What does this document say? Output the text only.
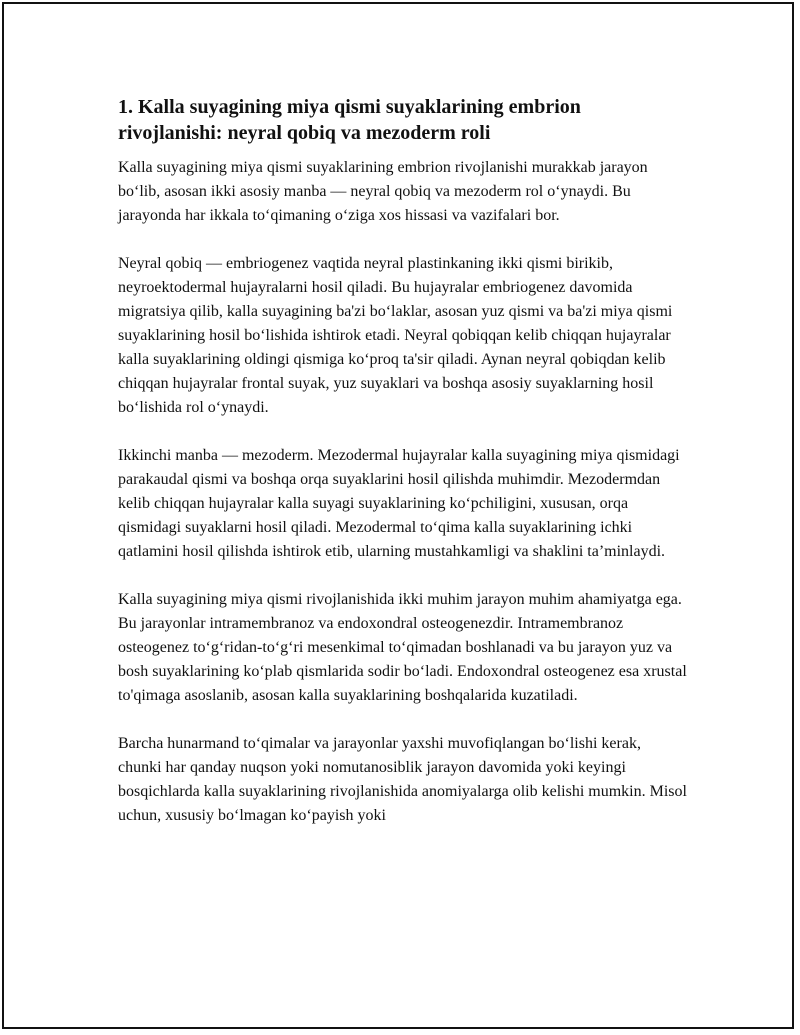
1. Kalla suyagining miya qismi suyaklarining embrion rivojlanishi: neyral qobiq va mezoderm roli

Kalla suyagining miya qismi suyaklarining embrion rivojlanishi murakkab jarayon bo‘lib, asosan ikki asosiy manba — neyral qobiq va mezoderm rol o‘ynaydi. Bu jarayonda har ikkala to‘qimaning o‘ziga xos hissasi va vazifalari bor.

Neyral qobiq — embriogenez vaqtida neyral plastinkaning ikki qismi birikib, neyroektodermal hujayralarni hosil qiladi. Bu hujayralar embriogenez davomida migratsiya qilib, kalla suyagining ba'zi bo‘laklar, asosan yuz qismi va ba'zi miya qismi suyaklarining hosil bo‘lishida ishtirok etadi. Neyral qobiqqan kelib chiqqan hujayralar kalla suyaklarining oldingi qismiga ko‘proq ta'sir qiladi. Aynan neyral qobiqdan kelib chiqqan hujayralar frontal suyak, yuz suyaklari va boshqa asosiy suyaklarning hosil bo‘lishida rol o‘ynaydi.

Ikkinchi manba — mezoderm. Mezodermal hujayralar kalla suyagining miya qismidagi parakaudal qismi va boshqa orqa suyaklarini hosil qilishda muhimdir. Mezodermdan kelib chiqqan hujayralar kalla suyagi suyaklarining ko‘pchiligini, xususan, orqa qismidagi suyaklarni hosil qiladi. Mezodermal to‘qima kalla suyaklarining ichki qatlamini hosil qilishda ishtirok etib, ularning mustahkamligi va shaklini ta’minlaydi.

Kalla suyagining miya qismi rivojlanishida ikki muhim jarayon muhim ahamiyatga ega. Bu jarayonlar intramembranoz va endoxondral osteogenezdir. Intramembranoz osteogenez to‘g‘ridan-to‘g‘ri mesenkimal to‘qimadan boshlanadi va bu jarayon yuz va bosh suyaklarining ko‘plab qismlarida sodir bo‘ladi. Endoxondral osteogenez esa xrustal to'qimaga asoslanib, asosan kalla suyaklarining boshqalarida kuzatiladi.

Barcha hunarmand to‘qimalar va jarayonlar yaxshi muvofiqlangan bo‘lishi kerak, chunki har qanday nuqson yoki nomutanosiblik jarayon davomida yoki keyingi bosqichlarda kalla suyaklarining rivojlanishida anomiyalarga olib kelishi mumkin. Misol uchun, xususiy bo‘lmagan ko‘payish yoki
